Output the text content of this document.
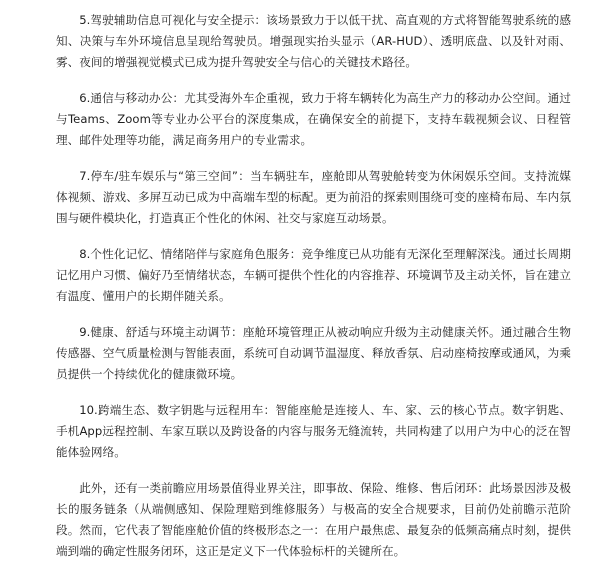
5.驾驶辅助信息可视化与安全提示：该场景致力于以低干扰、高直观的方式将智能驾驶系统的感知、决策与车外环境信息呈现给驾驶员。增强现实抬头显示（AR-HUD）、透明底盘、以及针对雨、雾、夜间的增强视觉模式已成为提升驾驶安全与信心的关键技术路径。

6.通信与移动办公：尤其受海外车企重视，致力于将车辆转化为高生产力的移动办公空间。通过与Teams、Zoom等专业办公平台的深度集成，在确保安全的前提下，支持车载视频会议、日程管理、邮件处理等功能，满足商务用户的专业需求。

7.停车/驻车娱乐与“第三空间”：当车辆驻车，座舱即从驾驶舱转变为休闲娱乐空间。支持流媒体视频、游戏、多屏互动已成为中高端车型的标配。更为前沿的探索则围绕可变的座椅布局、车内氛围与硬件模块化，打造真正个性化的休闲、社交与家庭互动场景。

8.个性化记忆、情绪陪伴与家庭角色服务：竞争维度已从功能有无深化至理解深浅。通过长周期记忆用户习惯、偏好乃至情绪状态，车辆可提供个性化的内容推荐、环境调节及主动关怀，旨在建立有温度、懂用户的长期伴随关系。

9.健康、舒适与环境主动调节：座舱环境管理正从被动响应升级为主动健康关怀。通过融合生物传感器、空气质量检测与智能表面，系统可自动调节温湿度、释放香氛、启动座椅按摩或通风，为乘员提供一个持续优化的健康微环境。

10.跨端生态、数字钥匙与远程用车：智能座舱是连接人、车、家、云的核心节点。数字钥匙、手机App远程控制、车家互联以及跨设备的内容与服务无缝流转，共同构建了以用户为中心的泛在智能体验网络。

此外，还有一类前瞻应用场景值得业界关注，即事故、保险、维修、售后闭环：此场景因涉及极长的服务链条（从端侧感知、保险理赔到维修服务）与极高的安全合规要求，目前仍处前瞻示范阶段。然而，它代表了智能座舱价值的终极形态之一：在用户最焦虑、最复杂的低频高痛点时刻，提供端到端的确定性服务闭环，这正是定义下一代体验标杆的关键所在。
